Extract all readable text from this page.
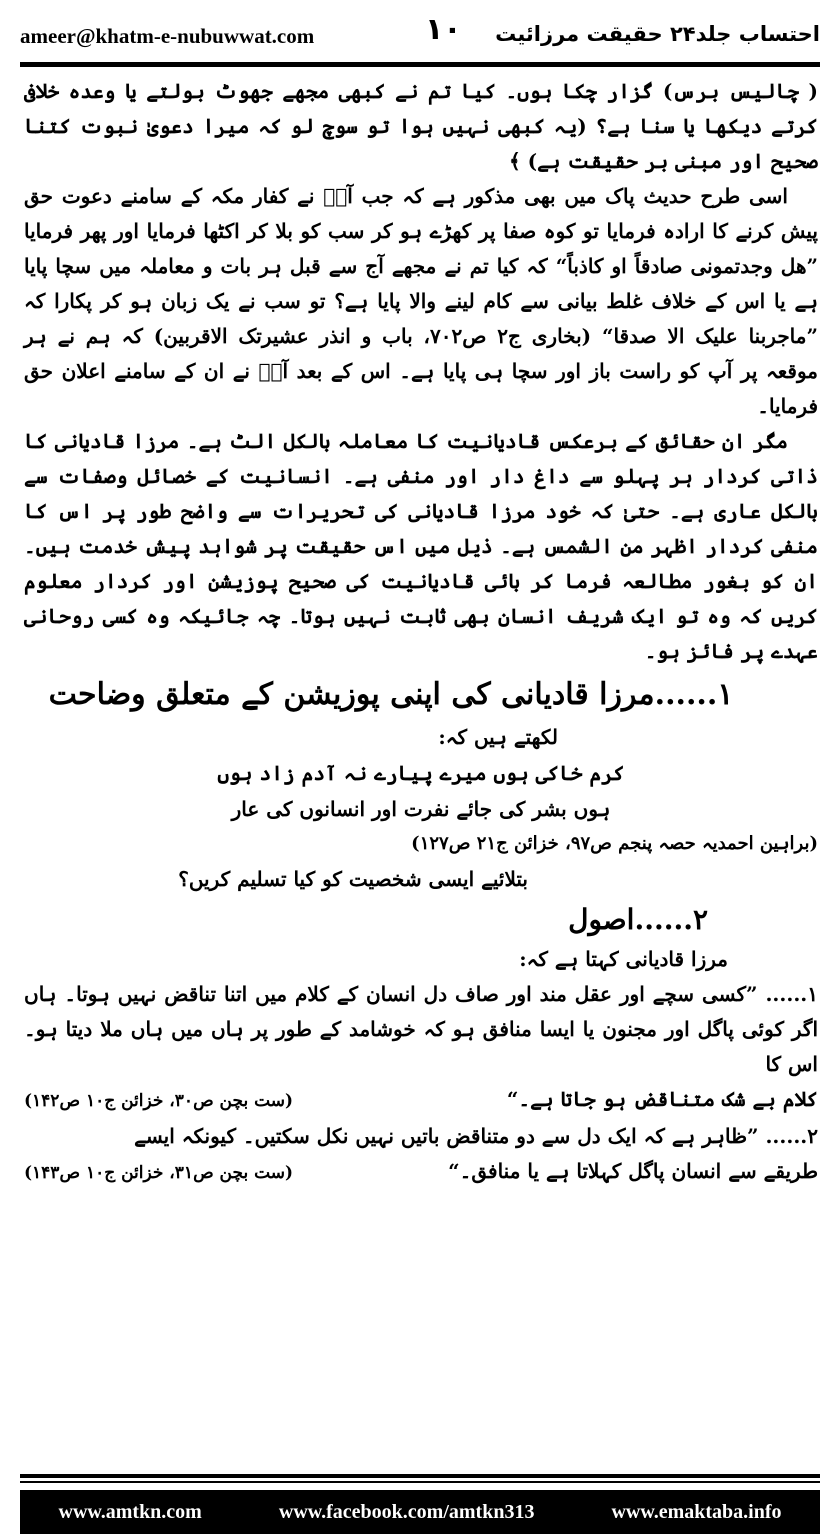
ameer@khatm-e-nubuwwat.com	۱۰ احتساب جلد۲۴ حقیقت مرزائیت

( چالیس برس) گزار چکا ہوں۔ کیا تم نے کبھی مجھے جھوٹ بولتے یا وعدہ خلافی کرتے دیکھا یا سنا ہے؟ (یہ کبھی نہیں ہوا تو سوچ لو کہ میرا دعویٰ نبوت کتنا صحیح اور مبنی بر حقیقت ہے) ﴾

اسی طرح حدیث پاک میں بھی مذکور ہے کہ جب آپؐ نے کفار مکہ کے سامنے دعوت حق پیش کرنے کا ارادہ فرمایا تو کوہ صفا پر کھڑے ہو کر سب کو بلا کر اکٹھا فرمایا اور پھر فرمایا ”ھل وجدتمونی صادقاً او کاذباً“ کہ کیا تم نے مجھے آج سے قبل ہر بات و معاملہ میں سچا پایا ہے یا اس کے خلاف غلط بیانی سے کام لینے والا پایا ہے؟ تو سب نے یک زبان ہو کر پکارا کہ ”ماجربنا علیک الا صدقا“ (بخاری ج۲ ص۷۰۲، باب و انذر عشیرتک الاقربین) کہ ہم نے ہر موقعہ پر آپ کو راست باز اور سچا ہی پایا ہے۔ اس کے بعد آپؐ نے ان کے سامنے اعلان حق فرمایا۔

مگر ان حقائق کے برعکس قادیانیت کا معاملہ بالکل الٹ ہے۔ مرزا قادیانی کا ذاتی کردار ہر پہلو سے داغ دار اور منفی ہے۔ انسانیت کے خصائل وصفات سے بالکل عاری ہے۔ حتیٰ کہ خود مرزا قادیانی کی تحریرات سے واضح طور پر اس کا منفی کردار اظہر من الشمس ہے۔ ذیل میں اس حقیقت پر شواہد پیش خدمت ہیں۔ ان کو بغور مطالعہ فرما کر بائی قادیانیت کی صحیح پوزیشن اور کردار معلوم کریں کہ وہ تو ایک شریف انسان بھی ثابت نہیں ہوتا۔ چہ جائیکہ وہ کسی روحانی عہدے پر فائز ہو۔

۱......مرزا قادیانی کی اپنی پوزیشن کے متعلق وضاحت

لکھتے ہیں کہ:

کرم خاکی ہوں میرے پیارے نہ آدم زاد ہوں

ہوں بشر کی جائے نفرت اور انسانوں کی عار

(براہین احمدیہ حصہ پنجم ص۹۷، خزائن ج۲۱ ص۱۲۷)

بتلائیے ایسی شخصیت کو کیا تسلیم کریں؟

۲......اصول

مرزا قادیانی کہتا ہے کہ:

۱...... ”کسی سچے اور عقل مند اور صاف دل انسان کے کلام میں اتنا تناقض نہیں ہوتا۔ ہاں اگر کوئی پاگل اور مجنون یا ایسا منافق ہو کہ خوشامد کے طور پر ہاں میں ہاں ملا دیتا ہو۔ اس کا

کلام بے شک متناقض ہو جاتا ہے۔“
(ست بچن ص۳۰، خزائن ج۱۰ ص۱۴۲)

۲...... ”ظاہر ہے کہ ایک دل سے دو متناقض باتیں نہیں نکل سکتیں۔ کیونکہ ایسے

طریقے سے انسان پاگل کہلاتا ہے یا منافق۔“
(ست بچن ص۳۱، خزائن ج۱۰ ص۱۴۳)
www.amtkn.com	www.facebook.com/amtkn313	www.emaktaba.info
